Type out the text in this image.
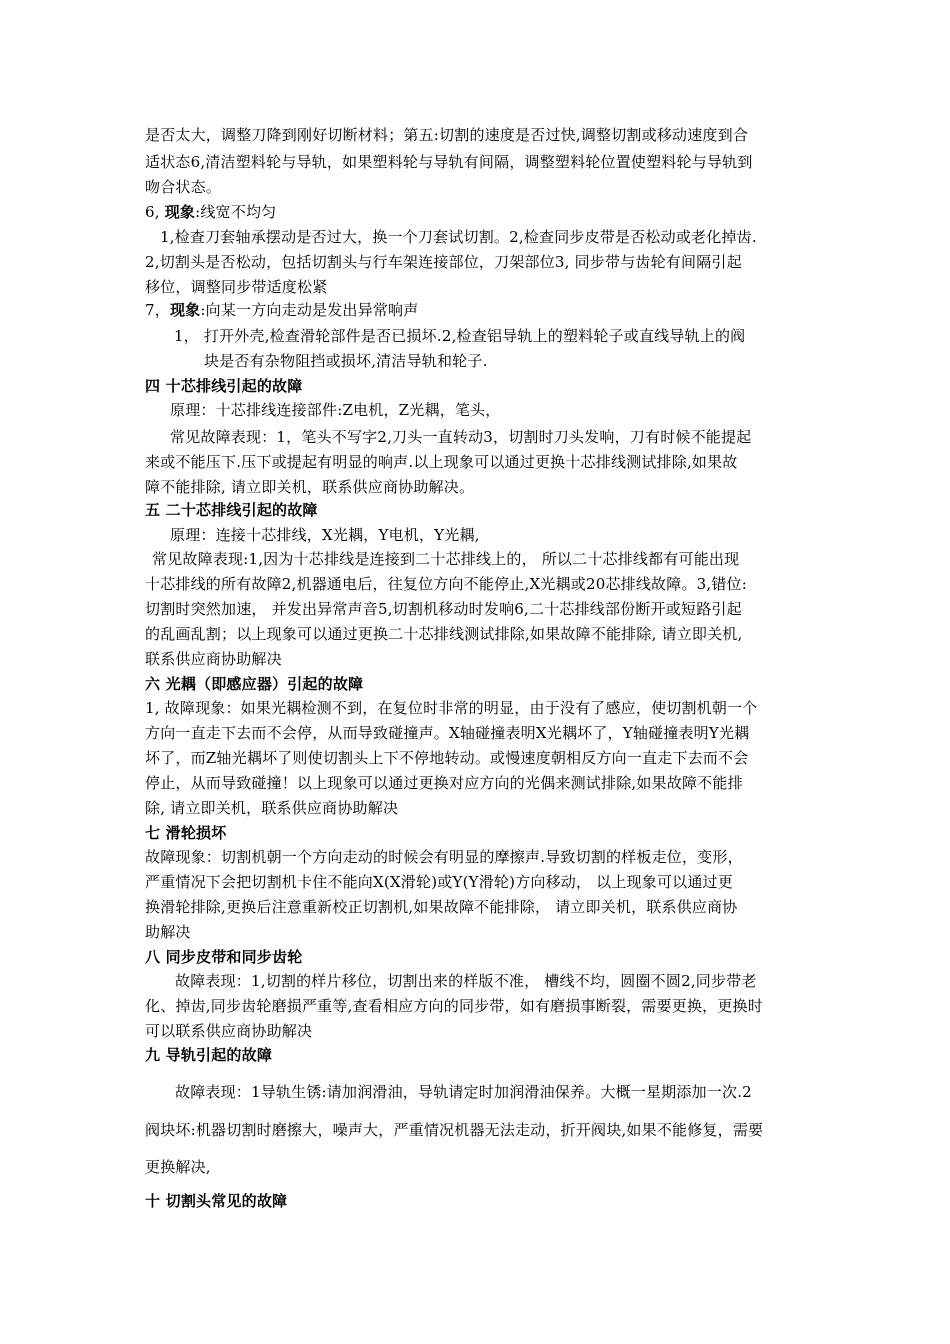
是否太大，调整刀降到刚好切断材料；第五:切割的速度是否过快,调整切割或移动速度到合
适状态6,清洁塑料轮与导轨，如果塑料轮与导轨有间隔，调整塑料轮位置使塑料轮与导轨到
吻合状态。
6, 现象:线宽不均匀
1,检查刀套轴承摆动是否过大，换一个刀套试切割。2,检查同步皮带是否松动或老化掉齿.
2,切割头是否松动，包括切割头与行车架连接部位，刀架部位3, 同步带与齿轮有间隔引起
移位，调整同步带适度松紧
7，现象:向某一方向走动是发出异常响声
1， 打开外壳,检查滑轮部件是否已损坏.2,检查铝导轨上的塑料轮子或直线导轨上的阀
块是否有杂物阻挡或损坏,清洁导轨和轮子.
四 十芯排线引起的故障
原理：十芯排线连接部件:Z电机，Z光耦，笔头，
常见故障表现：1，笔头不写字2,刀头一直转动3，切割时刀头发响，刀有时候不能提起
来或不能压下.压下或提起有明显的响声.以上现象可以通过更换十芯排线测试排除,如果故
障不能排除, 请立即关机，联系供应商协助解决。
五 二十芯排线引起的故障
原理：连接十芯排线，X光耦，Y电机，Y光耦,
常见故障表现:1,因为十芯排线是连接到二十芯排线上的， 所以二十芯排线都有可能出现
十芯排线的所有故障2,机器通电后，往复位方向不能停止,X光耦或20芯排线故障。3,错位:
切割时突然加速， 并发出异常声音5,切割机移动时发响6,二十芯排线部份断开或短路引起
的乱画乱割；以上现象可以通过更换二十芯排线测试排除,如果故障不能排除, 请立即关机,
联系供应商协助解决
六 光耦（即感应器）引起的故障
1, 故障现象：如果光耦检测不到，在复位时非常的明显，由于没有了感应，使切割机朝一个
方向一直走下去而不会停，从而导致碰撞声。X轴碰撞表明X光耦坏了，Y轴碰撞表明Y光耦
坏了，而Z轴光耦坏了则使切割头上下不停地转动。或慢速度朝相反方向一直走下去而不会
停止，从而导致碰撞！以上现象可以通过更换对应方向的光偶来测试排除,如果故障不能排
除, 请立即关机，联系供应商协助解决
七 滑轮损坏
故障现象：切割机朝一个方向走动的时候会有明显的摩擦声.导致切割的样板走位，变形，
严重情况下会把切割机卡住不能向X(X滑轮)或Y(Y滑轮)方向移动， 以上现象可以通过更
换滑轮排除,更换后注意重新校正切割机,如果故障不能排除， 请立即关机，联系供应商协
助解决
八 同步皮带和同步齿轮
故障表现：1,切割的样片移位，切割出来的样版不准， 槽线不均，圆圈不圆2,同步带老
化、掉齿,同步齿轮磨损严重等,查看相应方向的同步带，如有磨损事断裂，需要更换，更换时
可以联系供应商协助解决
九 导轨引起的故障
故障表现：1导轨生锈:请加润滑油，导轨请定时加润滑油保养。大概一星期添加一次.2
阀块坏:机器切割时磨擦大，噪声大，严重情况机器无法走动，折开阀块,如果不能修复，需要
更换解决,
十 切割头常见的故障
